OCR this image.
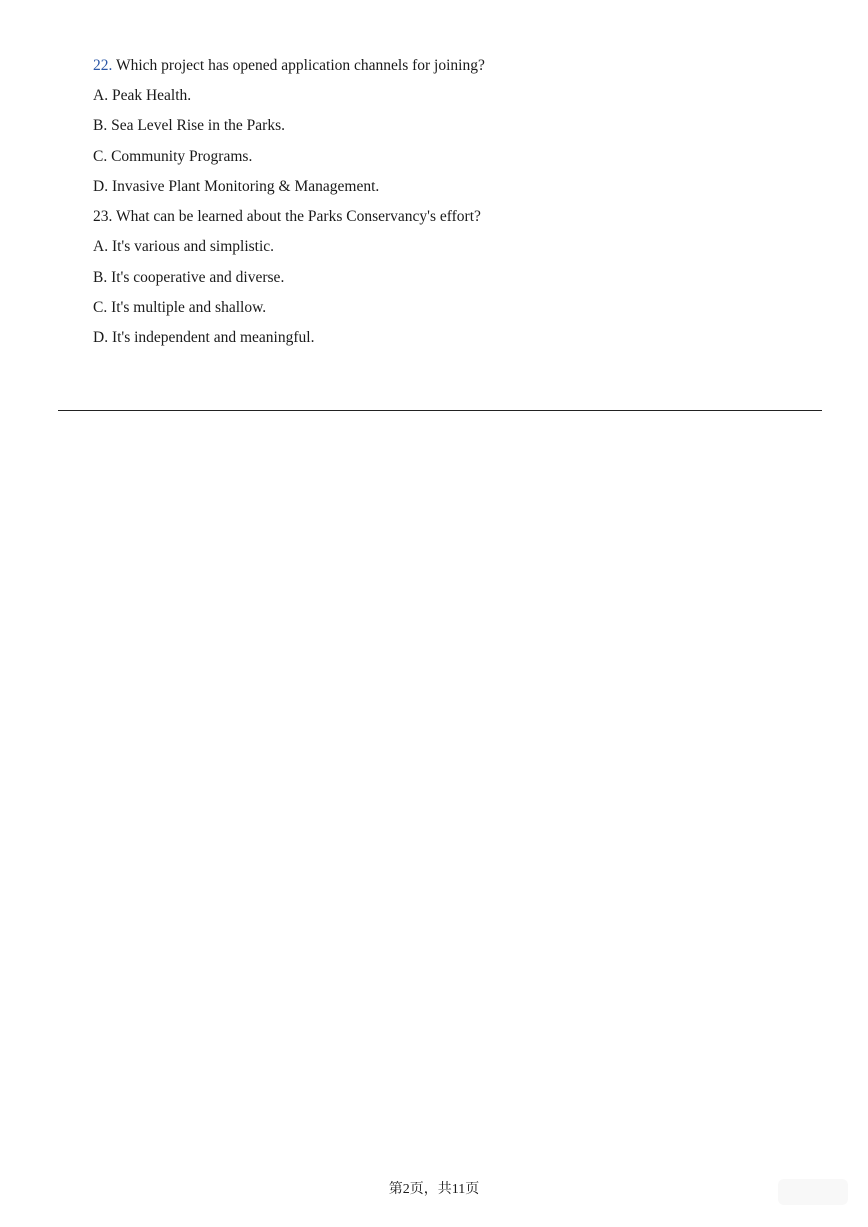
22. Which project has opened application channels for joining?
A. Peak Health.
B. Sea Level Rise in the Parks.
C. Community Programs.
D. Invasive Plant Monitoring & Management.
23. What can be learned about the Parks Conservancy's effort?
A. It's various and simplistic.
B. It's cooperative and diverse.
C. It's multiple and shallow.
D. It's independent and meaningful.
第2页，共11页
